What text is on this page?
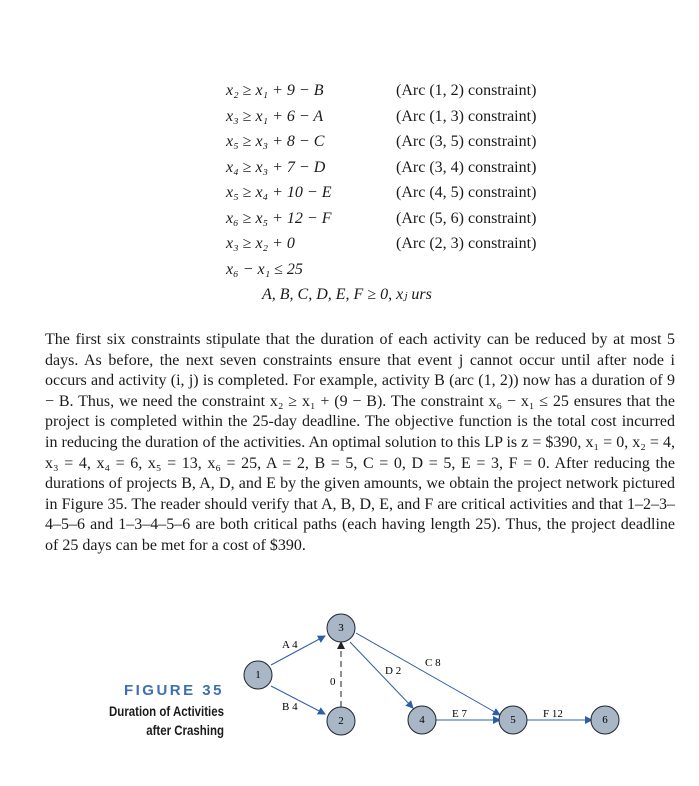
x₂ ≥ x₁ + 9 − B	(Arc (1, 2) constraint)
x₃ ≥ x₁ + 6 − A	(Arc (1, 3) constraint)
x₅ ≥ x₃ + 8 − C	(Arc (3, 5) constraint)
x₄ ≥ x₃ + 7 − D	(Arc (3, 4) constraint)
x₅ ≥ x₄ + 10 − E	(Arc (4, 5) constraint)
x₆ ≥ x₅ + 12 − F	(Arc (5, 6) constraint)
x₃ ≥ x₂ + 0	(Arc (2, 3) constraint)
x₆ − x₁ ≤ 25
A, B, C, D, E, F ≥ 0, xⱼ urs

The first six constraints stipulate that the duration of each activity can be reduced by at most 5 days. As before, the next seven constraints ensure that event j cannot occur until after node i occurs and activity (i, j) is completed. For example, activity B (arc (1, 2)) now has a duration of 9 − B. Thus, we need the constraint x₂ ≥ x₁ + (9 − B). The constraint x₆ − x₁ ≤ 25 ensures that the project is completed within the 25-day deadline. The objective function is the total cost incurred in reducing the duration of the activities. An optimal solution to this LP is z = $390, x₁ = 0, x₂ = 4, x₃ = 4, x₄ = 6, x₅ = 13, x₆ = 25, A = 2, B = 5, C = 0, D = 5, E = 3, F = 0. After reducing the durations of projects B, A, D, and E by the given amounts, we obtain the project network pictured in Figure 35. The reader should verify that A, B, D, E, and F are critical activities and that 1–2–3–4–5–6 and 1–3–4–5–6 are both critical paths (each having length 25). Thus, the project deadline of 25 days can be met for a cost of $390.

FIGURE 35
Duration of Activities
after Crashing
A 4
B 4
0
C 8
D 2
E 7	F 12
1
2
3
4	5	6
